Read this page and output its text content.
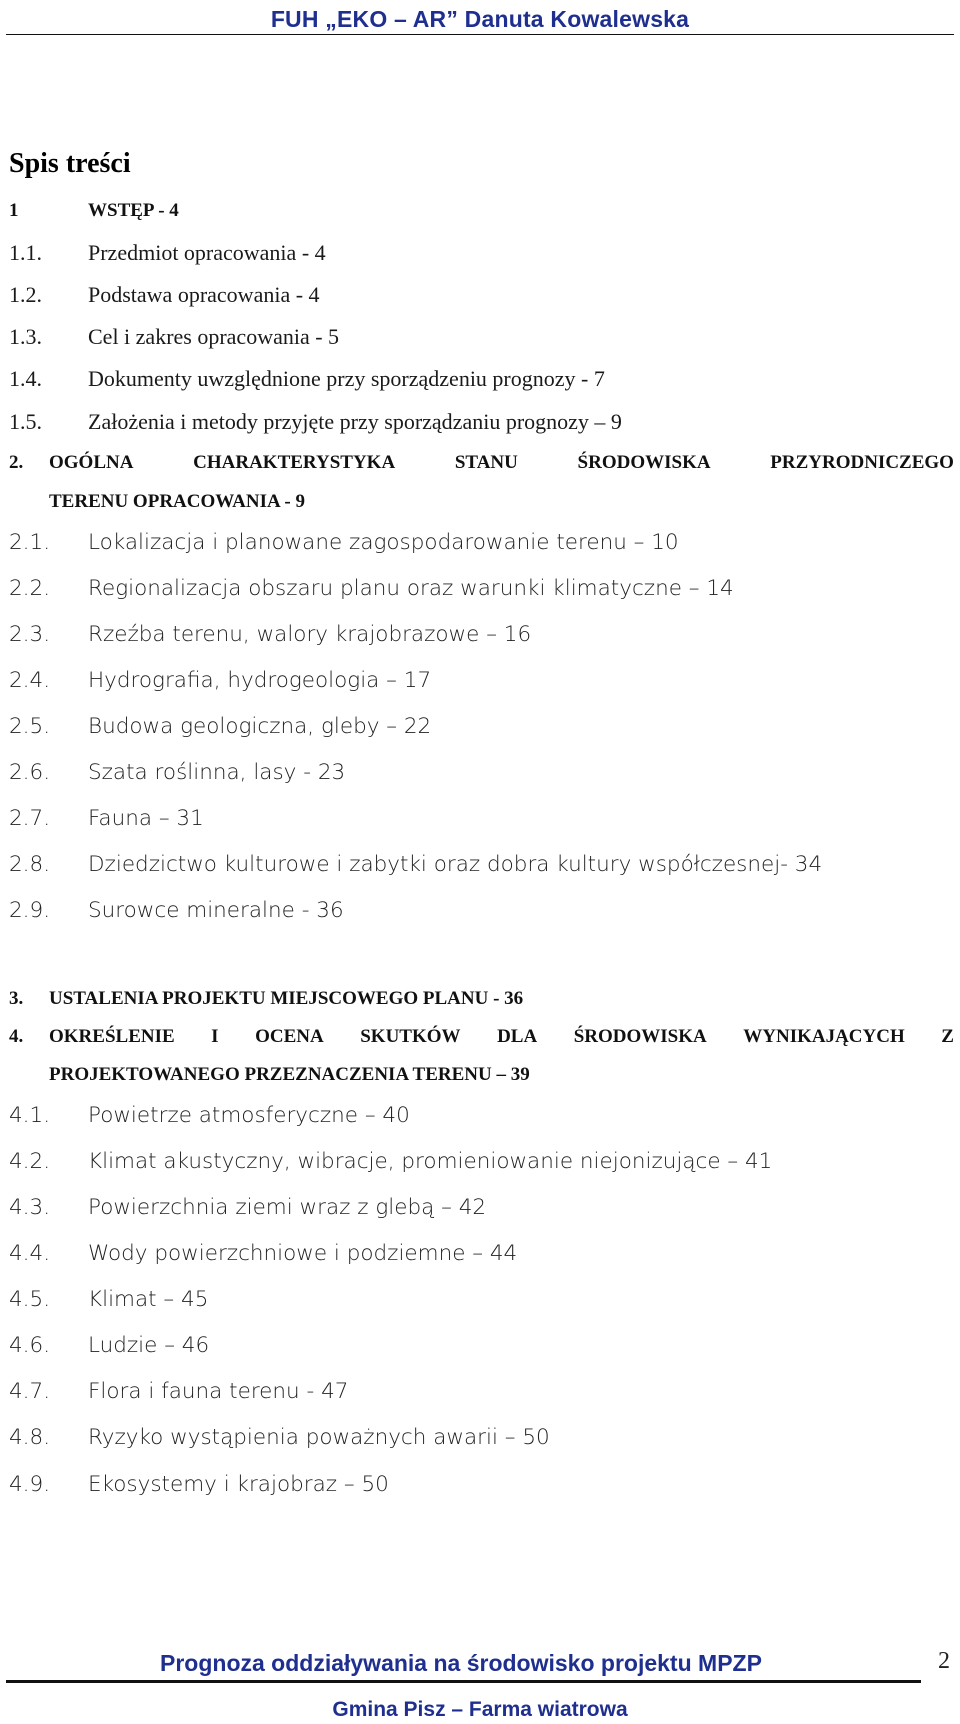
FUH „EKO – AR” Danuta Kowalewska
Spis treści
1	WSTĘP - 4
1.1. Przedmiot opracowania - 4
1.2. Podstawa opracowania - 4
1.3. Cel i zakres opracowania - 5
1.4. Dokumenty uwzględnione przy sporządzeniu prognozy - 7
1.5. Założenia i metody przyjęte przy sporządzaniu prognozy – 9
2. OGÓLNA	CHARAKTERYSTYKA	STANU	ŚRODOWISKA	PRZYRODNICZEGO
TERENU OPRACOWANIA - 9
2.1. Lokalizacja i planowane zagospodarowanie terenu – 10
2.2. Regionalizacja obszaru planu oraz warunki klimatyczne – 14
2.3. Rzeźba terenu, walory krajobrazowe – 16
2.4. Hydrografia, hydrogeologia – 17
2.5. Budowa geologiczna, gleby – 22
2.6. Szata roślinna, lasy - 23
2.7. Fauna – 31
2.8. Dziedzictwo kulturowe i zabytki oraz dobra kultury współczesnej- 34
2.9. Surowce mineralne - 36
3. USTALENIA PROJEKTU MIEJSCOWEGO PLANU - 36
4. OKREŚLENIE I OCENA SKUTKÓW DLA ŚRODOWISKA WYNIKAJĄCYCH Z
PROJEKTOWANEGO PRZEZNACZENIA TERENU – 39
4.1. Powietrze atmosferyczne – 40
4.2. Klimat akustyczny, wibracje, promieniowanie niejonizujące – 41
4.3. Powierzchnia ziemi wraz z glebą – 42
4.4. Wody powierzchniowe i podziemne – 44
4.5. Klimat – 45
4.6. Ludzie – 46
4.7. Flora i fauna terenu - 47
4.8. Ryzyko wystąpienia poważnych awarii – 50
4.9. Ekosystemy i krajobraz – 50
Prognoza oddziaływania na środowisko projektu MPZP	2
Gmina Pisz – Farma wiatrowa
